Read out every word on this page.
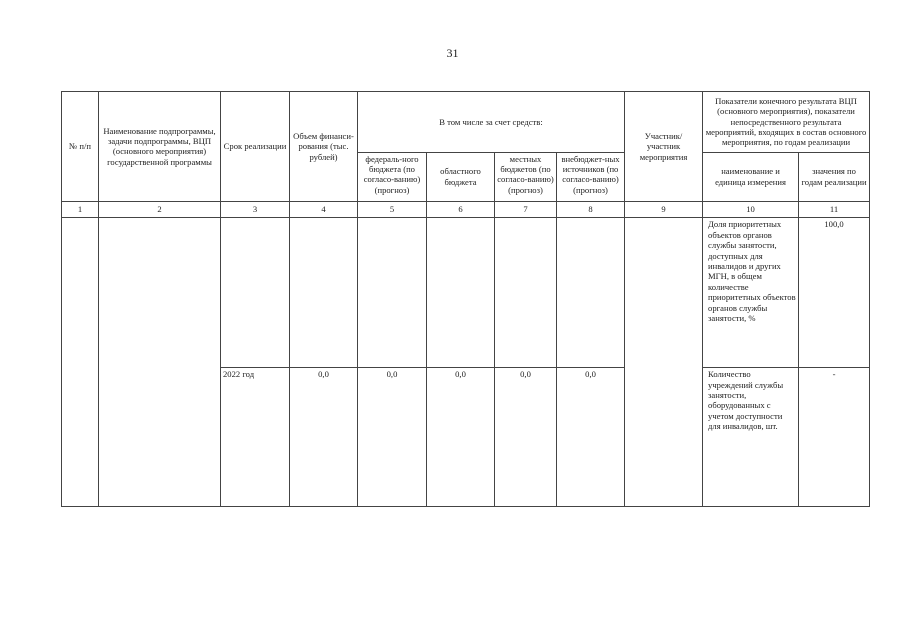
31
№ п/п	Наименование подпрограммы, задачи подпрограммы, ВЦП (основного мероприятия) государственной программы	Срок реализации	Объем финанси-рования (тыс. рублей)	В том числе за счет средств:				Участник/ участник мероприятия	Показатели конечного результата ВЦП (основного мероприятия), показатели непосредственного результата мероприятий, входящих в состав основного мероприятия, по годам реализации	
				федераль-ного бюджета (по согласо-ванию) (прогноз)	областного бюджета	местных бюджетов (по согласо-ванию) (прогноз)	внебюджет-ных источников (по согласо-ванию) (прогноз)		наименование и единица измерения	значения по годам реализации
1	2	3	4	5	6	7	8	9	10	11
									Доля приоритетных объектов органов службы занятости, доступных для инвалидов и других МГН, в общем количестве приоритетных объектов органов службы занятости, %	100,0
		2022 год	0,0	0,0	0,0	0,0	0,0		Количество учреждений службы занятости, оборудованных с учетом доступности для инвалидов, шт.	-
